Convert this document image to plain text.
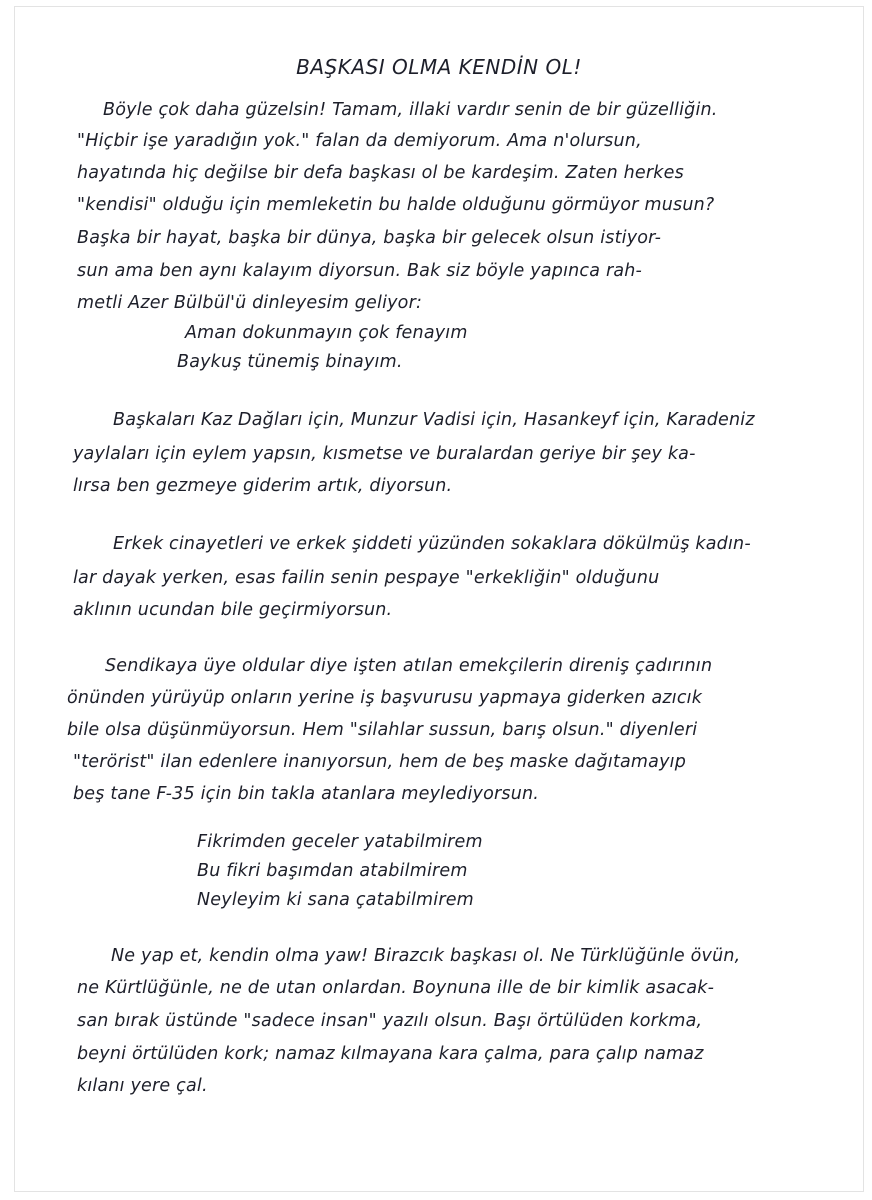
BAŞKASI OLMA KENDİN OL!
Böyle çok daha güzelsin! Tamam, illaki vardır senin de bir güzelliğin.
"Hiçbir işe yaradığın yok." falan da demiyorum. Ama n'olursun,
hayatında hiç değilse bir defa başkası ol be kardeşim. Zaten herkes
"kendisi" olduğu için memleketin bu halde olduğunu görmüyor musun?
Başka bir hayat, başka bir dünya, başka bir gelecek olsun istiyor-
sun ama ben aynı kalayım diyorsun. Bak siz böyle yapınca rah-
metli Azer Bülbül'ü dinleyesim geliyor:
Aman dokunmayın çok fenayım
Baykuş tünemiş binayım.
Başkaları Kaz Dağları için, Munzur Vadisi için, Hasankeyf için, Karadeniz
yaylaları için eylem yapsın, kısmetse ve buralardan geriye bir şey ka-
lırsa ben gezmeye giderim artık, diyorsun.
Erkek cinayetleri ve erkek şiddeti yüzünden sokaklara dökülmüş kadın-
lar dayak yerken, esas failin senin pespaye "erkekliğin" olduğunu
aklının ucundan bile geçirmiyorsun.
Sendikaya üye oldular diye işten atılan emekçilerin direniş çadırının
önünden yürüyüp onların yerine iş başvurusu yapmaya giderken azıcık
bile olsa düşünmüyorsun. Hem "silahlar sussun, barış olsun." diyenleri
"terörist" ilan edenlere inanıyorsun, hem de beş maske dağıtamayıp
beş tane F-35 için bin takla atanlara meylediyorsun.
Fikrimden geceler yatabilmirem
Bu fikri başımdan atabilmirem
Neyleyim ki sana çatabilmirem
Ne yap et, kendin olma yaw! Birazcık başkası ol. Ne Türklüğünle övün,
ne Kürtlüğünle, ne de utan onlardan. Boynuna ille de bir kimlik asacak-
san bırak üstünde "sadece insan" yazılı olsun. Başı örtülüden korkma,
beyni örtülüden kork; namaz kılmayana kara çalma, para çalıp namaz
kılanı yere çal.
